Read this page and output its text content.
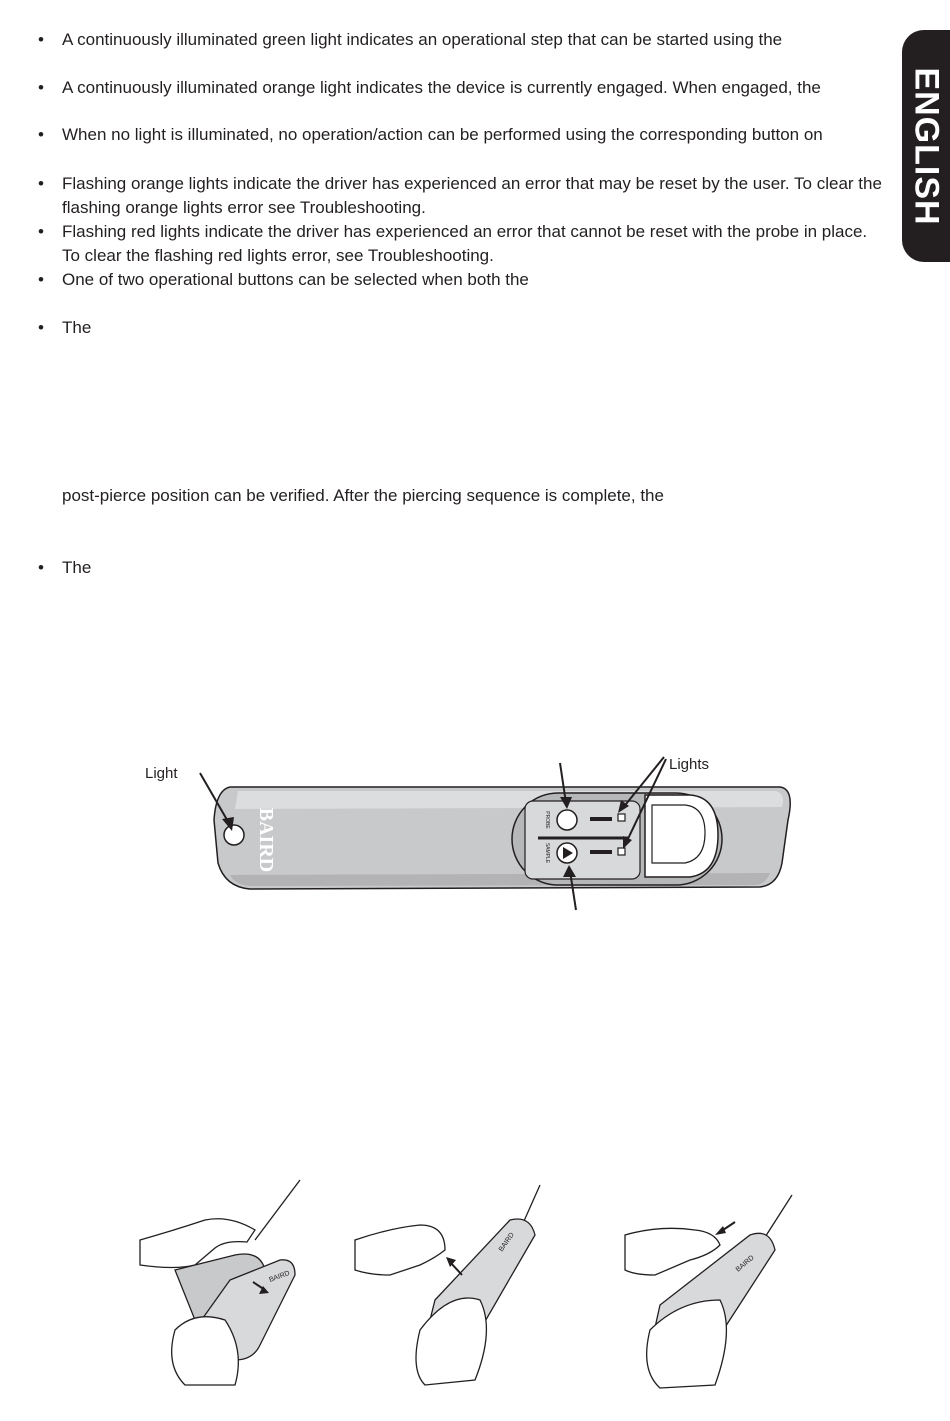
ENGLISH
• A continuously illuminated green light indicates an operational step that can be started using the
• A continuously illuminated orange light indicates the device is currently engaged. When engaged, the
• When no light is illuminated, no operation/action can be performed using the corresponding button on
• Flashing orange lights indicate the driver has experienced an error that may be reset by the user. To clear the flashing orange lights error see Troubleshooting.
• Flashing red lights indicate the driver has experienced an error that cannot be reset with the probe in place. To clear the flashing red lights error, see Troubleshooting.
• One of two operational buttons can be selected when both the
• The
post-pierce position can be verified. After the piercing sequence is complete, the
• The
Light
Lights
BAIRD	PROBE
SAMPLE
BAIRD
BAIRD
BAIRD
